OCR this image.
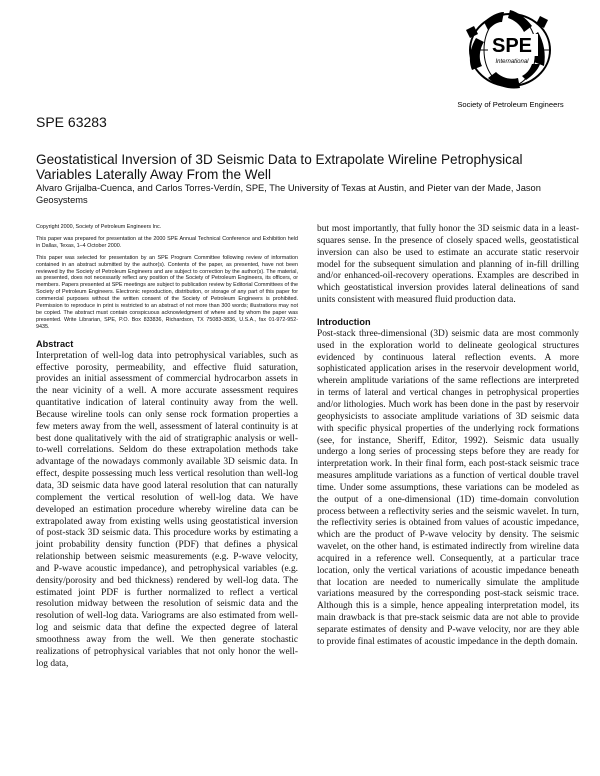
SPE
International
Society of Petroleum Engineers
SPE 63283
Geostatistical Inversion of 3D Seismic Data to Extrapolate Wireline Petrophysical Variables Laterally Away From the Well
Alvaro Grijalba-Cuenca, and Carlos Torres-Verdín, SPE, The University of Texas at Austin, and Pieter van der Made, Jason Geosystems

Copyright 2000, Society of Petroleum Engineers Inc.

This paper was prepared for presentation at the 2000 SPE Annual Technical Conference and Exhibition held in Dallas, Texas, 1–4 October 2000.

This paper was selected for presentation by an SPE Program Committee following review of information contained in an abstract submitted by the author(s). Contents of the paper, as presented, have not been reviewed by the Society of Petroleum Engineers and are subject to correction by the author(s). The material, as presented, does not necessarily reflect any position of the Society of Petroleum Engineers, its officers, or members. Papers presented at SPE meetings are subject to publication review by Editorial Committees of the Society of Petroleum Engineers. Electronic reproduction, distribution, or storage of any part of this paper for commercial purposes without the written consent of the Society of Petroleum Engineers is prohibited. Permission to reproduce in print is restricted to an abstract of not more than 300 words; illustrations may not be copied. The abstract must contain conspicuous acknowledgment of where and by whom the paper was presented. Write Librarian, SPE, P.O. Box 833836, Richardson, TX 75083-3836, U.S.A., fax 01-972-952-9435.

Abstract

Interpretation of well-log data into petrophysical variables, such as effective porosity, permeability, and effective fluid saturation, provides an initial assessment of commercial hydrocarbon assets in the near vicinity of a well. A more accurate assessment requires quantitative indication of lateral continuity away from the well. Because wireline tools can only sense rock formation properties a few meters away from the well, assessment of lateral continuity is at best done qualitatively with the aid of stratigraphic analysis or well-to-well correlations. Seldom do these extrapolation methods take advantage of the nowadays commonly available 3D seismic data. In effect, despite possessing much less vertical resolution than well-log data, 3D seismic data have good lateral resolution that can naturally complement the vertical resolution of well-log data. We have developed an estimation procedure whereby wireline data can be extrapolated away from existing wells using geostatistical inversion of post-stack 3D seismic data. This procedure works by estimating a joint probability density function (PDF) that defines a physical relationship between seismic measurements (e.g. P-wave velocity, and P-wave acoustic impedance), and petrophysical variables (e.g. density/porosity and bed thickness) rendered by well-log data. The estimated joint PDF is further normalized to reflect a vertical resolution midway between the resolution of seismic data and the resolution of well-log data. Variograms are also estimated from well-log and seismic data that define the expected degree of lateral smoothness away from the well. We then generate stochastic realizations of petrophysical variables that not only honor the well-log data,

but most importantly, that fully honor the 3D seismic data in a least-squares sense. In the presence of closely spaced wells, geostatistical inversion can also be used to estimate an accurate static reservoir model for the subsequent simulation and planning of in-fill drilling and/or enhanced-oil-recovery operations. Examples are described in which geostatistical inversion provides lateral delineations of sand units consistent with measured fluid production data.

Introduction

Post-stack three-dimensional (3D) seismic data are most commonly used in the exploration world to delineate geological structures evidenced by continuous lateral reflection events. A more sophisticated application arises in the reservoir development world, wherein amplitude variations of the same reflections are interpreted in terms of lateral and vertical changes in petrophysical properties and/or lithologies. Much work has been done in the past by reservoir geophysicists to associate amplitude variations of 3D seismic data with specific physical properties of the underlying rock formations (see, for instance, Sheriff, Editor, 1992). Seismic data usually undergo a long series of processing steps before they are ready for interpretation work. In their final form, each post-stack seismic trace measures amplitude variations as a function of vertical double travel time. Under some assumptions, these variations can be modeled as the output of a one-dimensional (1D) time-domain convolution process between a reflectivity series and the seismic wavelet. In turn, the reflectivity series is obtained from values of acoustic impedance, which are the product of P-wave velocity by density. The seismic wavelet, on the other hand, is estimated indirectly from wireline data acquired in a reference well. Consequently, at a particular trace location, only the vertical variations of acoustic impedance beneath that location are needed to numerically simulate the amplitude variations measured by the corresponding post-stack seismic trace. Although this is a simple, hence appealing interpretation model, its main drawback is that pre-stack seismic data are not able to provide separate estimates of density and P-wave velocity, nor are they able to provide final estimates of acoustic impedance in the depth domain.
